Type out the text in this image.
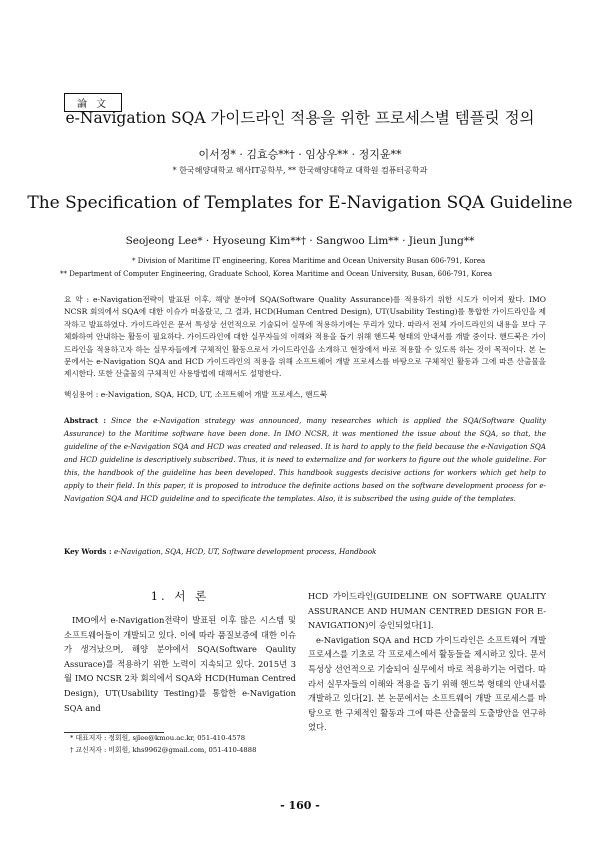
論 文
e-Navigation SQA 가이드라인 적용을 위한 프로세스별 템플릿 정의
이서정* · 김효승**† · 임상우** · 정지윤**
* 한국해양대학교 해사IT공학부, ** 한국해양대학교 대학원 컴퓨터공학과
The Specification of Templates for E-Navigation SQA Guideline
Seojeong Lee* · Hyoseung Kim**† · Sangwoo Lim** · Jieun Jung**
* Division of Maritime IT engineering, Korea Maritime and Ocean University Busan 606-791, Korea
** Department of Computer Engineering, Graduate School, Korea Maritime and Ocean University, Busan, 606-791, Korea
요 약 : e-Navigation전략이 발표된 이후, 해양 분야에 SQA(Software Quality Assurance)를 적용하기 위한 시도가 이어져 왔다. IMO NCSR 회의에서 SQA에 대한 이슈가 떠올랐고, 그 결과, HCD(Human Centred Design), UT(Usability Testing)를 통합한 가이드라인을 제작하고 발표하였다. 가이드라인은 문서 특성상 선언적으로 기술되어 실무에 적용하기에는 무리가 있다. 따라서 전체 가이드라인의 내용을 보다 구체화하여 안내하는 활동이 필요하다. 가이드라인에 대한 실무자들의 이해와 적용을 돕기 위해 핸드북 형태의 안내서를 개발 중이다. 핸드북은 가이드라인을 적용하고자 하는 실무자들에게 구체적인 활동으로서 가이드라인을 소개하고 현장에서 바로 적용할 수 있도록 하는 것이 목적이다. 본 논문에서는 e-Navigation SQA and HCD 가이드라인의 적용을 위해 소프트웨어 개발 프로세스를 바탕으로 구체적인 활동과 그에 따른 산출물을 제시한다. 또한 산출물의 구체적인 사용방법에 대해서도 설명한다.
핵심용어 : e-Navigation, SQA, HCD, UT, 소프트웨어 개발 프로세스, 핸드북
Abstract : Since the e-Navigation strategy was announced, many researches which is applied the SQA(Software Quality Assurance) to the Maritime software have been done. In IMO NCSR, it was mentioned the issue about the SQA, so that, the guideline of the e-Navigation SQA and HCD was created and released. It is hard to apply to the field because the e-Navigation SQA and HCD guideline is descriptively subscribed. Thus, it is need to externalize and for workers to figure out the whole guideline. For this, the handbook of the guideline has been developed. This handbook suggests decisive actions for workers which get help to apply to their field. In this paper, it is proposed to introduce the definite actions based on the software development process for e-Navigation SQA and HCD guideline and to specificate the templates. Also, it is subscribed the using guide of the templates.
Key Words : e-Navigation, SQA, HCD, UT, Software development process, Handbook
1. 서 론

IMO에서 e-Navigation전략이 발표된 이후 많은 시스템 및 소프트웨어들이 개발되고 있다. 이에 따라 품질보증에 대한 이슈가 생겨났으며, 해양 분야에서 SQA(Software Qaulity Assurace)를 적용하기 위한 노력이 지속되고 있다. 2015년 3월 IMO NCSR 2차 회의에서 SQA와 HCD(Human Centred Design), UT(Usability Testing)를 통합한 e-Navigation SQA and

HCD 가이드라인(GUIDELINE ON SOFTWARE QUALITY ASSURANCE AND HUMAN CENTRED DESIGN FOR E-NAVIGATION)이 승인되었다[1].

e-Navigation SQA and HCD 가이드라인은 소프트웨어 개발 프로세스를 기초로 각 프로세스에서 활동들을 제시하고 있다. 문서 특성상 선언적으로 기술되어 실무에서 바로 적용하기는 어렵다. 따라서 실무자들의 이해와 적용을 돕기 위해 핸드북 형태의 안내서를 개발하고 있다[2]. 본 논문에서는 소프트웨어 개발 프로세스를 바탕으로 한 구체적인 활동과 그에 따른 산출물의 도출방안을 연구하였다.

* 대표저자 : 정회원, sjlee@kmou.ac.kr, 051-410-4578
† 교신저자 : 비회원, khs9962@gmail.com, 051-410-4888
- 160 -
